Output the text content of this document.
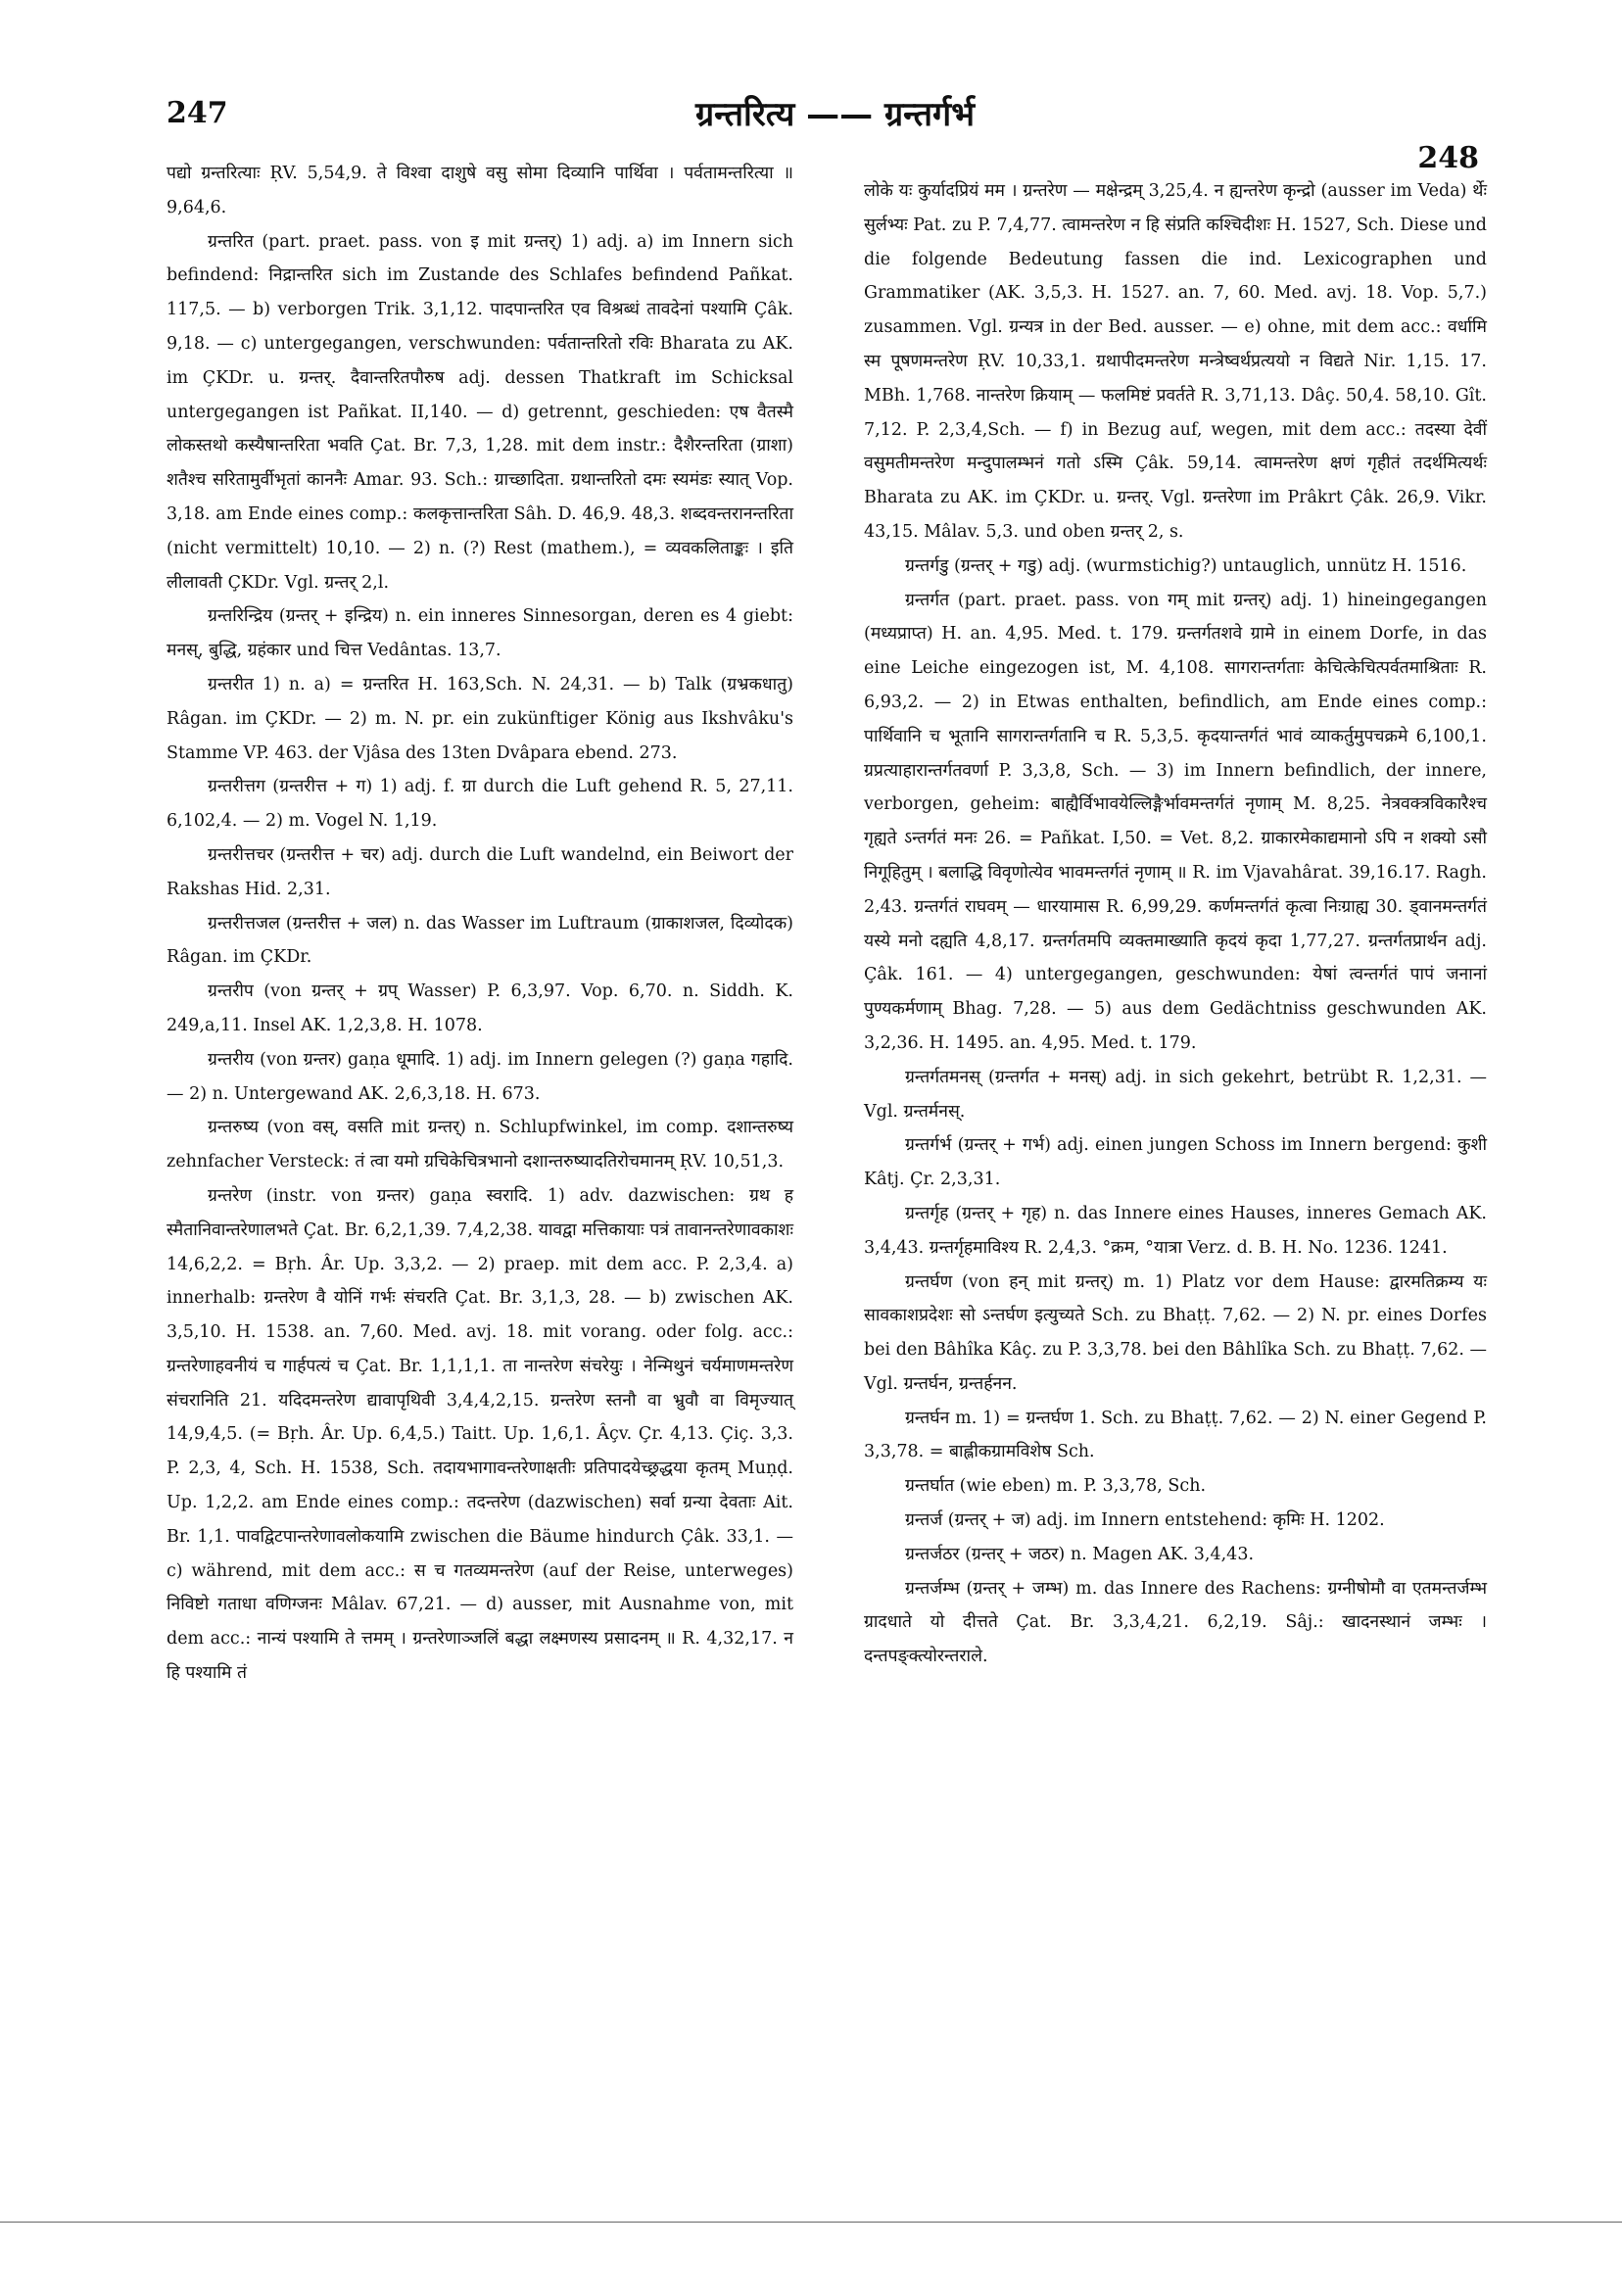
247	ग्रन्तरित्य —— ग्रन्तर्गर्भ
248

पद्यो ग्रन्तरित्याः ṚV. 5,54,9. ते विश्वा दाशुषे वसु सोमा दिव्यानि पार्थिवा । पर्वतामन्तरित्या ॥ 9,64,6.

ग्रन्तरित (part. praet. pass. von इ mit ग्रन्तर्) 1) adj. a) im Innern sich befindend: निद्रान्तरित sich im Zustande des Schlafes befindend Pañkat. 117,5. — b) verborgen Trik. 3,1,12. पादपान्तरित एव विश्रब्धं तावदेनां पश्यामि Çâk. 9,18. — c) untergegangen, verschwunden: पर्वतान्तरितो रविः Bharata zu AK. im ÇKDr. u. ग्रन्तर्. दैवान्तरितपौरुष adj. dessen Thatkraft im Schicksal untergegangen ist Pañkat. II,140. — d) getrennt, geschieden: एष वैतस्मै लोकस्तथो कस्यैषान्तरिता भवति Çat. Br. 7,3, 1,28. mit dem instr.: दैशैरन्तरिता (ग्राशा) शतैश्च सरितामुर्वीभृतां काननैः Amar. 93. Sch.: ग्राच्छादिता. ग्रथान्तरितो दमः स्यमंडः स्यात् Vop. 3,18. am Ende eines comp.: कलकृत्तान्तरिता Sâh. D. 46,9. 48,3. शब्दवन्तरानन्तरिता (nicht vermittelt) 10,10. — 2) n. (?) Rest (mathem.), = व्यवकलिताङ्कः । इति लीलावती ÇKDr. Vgl. ग्रन्तर् 2,l.

ग्रन्तरिन्द्रिय (ग्रन्तर् + इन्द्रिय) n. ein inneres Sinnesorgan, deren es 4 giebt: मनस्, बुद्धि, ग्रहंकार und चित्त Vedântas. 13,7.

ग्रन्तरीत 1) n. a) = ग्रन्तरित H. 163,Sch. N. 24,31. — b) Talk (ग्रभ्रकधातु) Râgan. im ÇKDr. — 2) m. N. pr. ein zukünftiger König aus Ikshvâku's Stamme VP. 463. der Vjâsa des 13ten Dvâpara ebend. 273.

ग्रन्तरीत्तग (ग्रन्तरीत्त + ग) 1) adj. f. ग्रा durch die Luft gehend R. 5, 27,11. 6,102,4. — 2) m. Vogel N. 1,19.

ग्रन्तरीत्तचर (ग्रन्तरीत्त + चर) adj. durch die Luft wandelnd, ein Beiwort der Rakshas Hid. 2,31.

ग्रन्तरीत्तजल (ग्रन्तरीत्त + जल) n. das Wasser im Luftraum (ग्राकाशजल, दिव्योदक) Râgan. im ÇKDr.

ग्रन्तरीप (von ग्रन्तर् + ग्रप् Wasser) P. 6,3,97. Vop. 6,70. n. Siddh. K. 249,a,11. Insel AK. 1,2,3,8. H. 1078.

ग्रन्तरीय (von ग्रन्तर) gaṇa धूमादि. 1) adj. im Innern gelegen (?) gaṇa गहादि. — 2) n. Untergewand AK. 2,6,3,18. H. 673.

ग्रन्तरुष्य (von वस्, वसति mit ग्रन्तर्) n. Schlupfwinkel, im comp. दशान्तरुष्य zehnfacher Versteck: तं त्वा यमो ग्रचिकेचित्रभानो दशान्तरुष्यादतिरोचमानम् ṚV. 10,51,3.

ग्रन्तरेण (instr. von ग्रन्तर) gaṇa स्वरादि. 1) adv. dazwischen: ग्रथ ह स्मैतानिवान्तरेणालभते Çat. Br. 6,2,1,39. 7,4,2,38. यावद्वा मत्तिकायाः पत्रं तावानन्तरेणावकाशः 14,6,2,2. = Bṛh. Âr. Up. 3,3,2. — 2) praep. mit dem acc. P. 2,3,4. a) innerhalb: ग्रन्तरेण वै योनिं गर्भः संचरति Çat. Br. 3,1,3, 28. — b) zwischen AK. 3,5,10. H. 1538. an. 7,60. Med. avj. 18. mit vorang. oder folg. acc.: ग्रन्तरेणाहवनीयं च गार्हपत्यं च Çat. Br. 1,1,1,1. ता नान्तरेण संचरेयुः । नेन्मिथुनं चर्यमाणमन्तरेण संचरानिति 21. यदिदमन्तरेण द्यावापृथिवी 3,4,4,2,15. ग्रन्तरेण स्तनौ वा भ्रुवौ वा विमृज्यात् 14,9,4,5. (= Bṛh. Âr. Up. 6,4,5.) Taitt. Up. 1,6,1. Âçv. Çr. 4,13. Çiç. 3,3. P. 2,3, 4, Sch. H. 1538, Sch. तदायभागावन्तरेणाक्षतीः प्रतिपादयेच्छ्रद्धया कृतम् Muṇḍ. Up. 1,2,2. am Ende eines comp.: तदन्तरेण (dazwischen) सर्वा ग्रन्या देवताः Ait. Br. 1,1. पावद्विटपान्तरेणावलोकयामि zwischen die Bäume hindurch Çâk. 33,1. — c) während, mit dem acc.: स च गतव्यमन्तरेण (auf der Reise, unterweges) निविष्टो गताधा वणिग्जनः Mâlav. 67,21. — d) ausser, mit Ausnahme von, mit dem acc.: नान्यं पश्यामि ते त्तमम् । ग्रन्तरेणाञ्जलिं बद्धा लक्ष्मणस्य प्रसादनम् ॥ R. 4,32,17. न हि पश्यामि तं

लोके यः कुर्यादप्रियं मम । ग्रन्तरेण — मक्षेन्द्रम् 3,25,4. न ह्यन्तरेण कृन्द्रो (ausser im Veda) र्थेः सुर्लभ्यः Pat. zu P. 7,4,77. त्वामन्तरेण न हि संप्रति कश्चिदीशः H. 1527, Sch. Diese und die folgende Bedeutung fassen die ind. Lexicographen und Grammatiker (AK. 3,5,3. H. 1527. an. 7, 60. Med. avj. 18. Vop. 5,7.) zusammen. Vgl. ग्रन्यत्र in der Bed. ausser. — e) ohne, mit dem acc.: वर्धामि स्म पूषणमन्तरेण ṚV. 10,33,1. ग्रथापीदमन्तरेण मन्त्रेष्वर्थप्रत्ययो न विद्यते Nir. 1,15. 17. MBh. 1,768. नान्तरेण क्रियाम् — फलमिष्टं प्रवर्तते R. 3,71,13. Dâç. 50,4. 58,10. Gît. 7,12. P. 2,3,4,Sch. — f) in Bezug auf, wegen, mit dem acc.: तदस्या देवीं वसुमतीमन्तरेण मन्दुपालम्भनं गतो ऽस्मि Çâk. 59,14. त्वामन्तरेण क्षणं गृहीतं तदर्थमित्यर्थः Bharata zu AK. im ÇKDr. u. ग्रन्तर्. Vgl. ग्रन्तरेणा im Prâkrt Çâk. 26,9. Vikr. 43,15. Mâlav. 5,3. und oben ग्रन्तर् 2, s.

ग्रन्तर्गडु (ग्रन्तर् + गडु) adj. (wurmstichig?) untauglich, unnütz H. 1516.

ग्रन्तर्गत (part. praet. pass. von गम् mit ग्रन्तर्) adj. 1) hineingegangen (मध्यप्राप्त) H. an. 4,95. Med. t. 179. ग्रन्तर्गतशवे ग्रामे in einem Dorfe, in das eine Leiche eingezogen ist, M. 4,108. सागरान्तर्गताः केचित्केचित्पर्वतमाश्रिताः R. 6,93,2. — 2) in Etwas enthalten, befindlich, am Ende eines comp.: पार्थिवानि च भूतानि सागरान्तर्गतानि च R. 5,3,5. कृदयान्तर्गतं भावं व्याकर्तुमुपचक्रमे 6,100,1. ग्रप्रत्याहारान्तर्गतवर्णा P. 3,3,8, Sch. — 3) im Innern befindlich, der innere, verborgen, geheim: बाह्यैर्विभावयेल्लिङ्गैर्भावमन्तर्गतं नृणाम् M. 8,25. नेत्रवक्त्रविकारैश्च गृह्यते ऽन्तर्गतं मनः 26. = Pañkat. I,50. = Vet. 8,2. ग्राकारमेकाद्यमानो ऽपि न शक्यो ऽसौ निगूहितुम् । बलाद्धि विवृणोत्येव भावमन्तर्गतं नृणाम् ॥ R. im Vjavahârat. 39,16.17. Ragh. 2,43. ग्रन्तर्गतं राघवम् — धारयामास R. 6,99,29. कर्णमन्तर्गतं कृत्वा निःग्राह्य 30. ड्वानमन्तर्गतं यस्ये मनो दह्यति 4,8,17. ग्रन्तर्गतमपि व्यक्तमाख्याति कृदयं कृदा 1,77,27. ग्रन्तर्गतप्रार्थन adj. Çâk. 161. — 4) untergegangen, geschwunden: येषां त्वन्तर्गतं पापं जनानां पुण्यकर्मणाम् Bhag. 7,28. — 5) aus dem Gedächtniss geschwunden AK. 3,2,36. H. 1495. an. 4,95. Med. t. 179.

ग्रन्तर्गतमनस् (ग्रन्तर्गत + मनस्) adj. in sich gekehrt, betrübt R. 1,2,31. — Vgl. ग्रन्तर्मनस्.

ग्रन्तर्गर्भ (ग्रन्तर् + गर्भ) adj. einen jungen Schoss im Innern bergend: कुशी Kâtj. Çr. 2,3,31.

ग्रन्तर्गृह (ग्रन्तर् + गृह) n. das Innere eines Hauses, inneres Gemach AK. 3,4,43. ग्रन्तर्गृहमाविश्य R. 2,4,3. °क्रम, °यात्रा Verz. d. B. H. No. 1236. 1241.

ग्रन्तर्घण (von हन् mit ग्रन्तर्) m. 1) Platz vor dem Hause: द्वारमतिक्रम्य यः सावकाशप्रदेशः सो ऽन्तर्घण इत्युच्यते Sch. zu Bhaṭṭ. 7,62. — 2) N. pr. eines Dorfes bei den Bâhîka Kâç. zu P. 3,3,78. bei den Bâhlîka Sch. zu Bhaṭṭ. 7,62. — Vgl. ग्रन्तर्घन, ग्रन्तर्हनन.

ग्रन्तर्घन m. 1) = ग्रन्तर्घण 1. Sch. zu Bhaṭṭ. 7,62. — 2) N. einer Gegend P. 3,3,78. = बाह्लीकग्रामविशेष Sch.

ग्रन्तर्घात (wie eben) m. P. 3,3,78, Sch.

ग्रन्तर्ज (ग्रन्तर् + ज) adj. im Innern entstehend: कृमिः H. 1202.

ग्रन्तर्जठर (ग्रन्तर् + जठर) n. Magen AK. 3,4,43.

ग्रन्तर्जम्भ (ग्रन्तर् + जम्भ) m. das Innere des Rachens: ग्रग्नीषोमौ वा एतमन्तर्जम्भ ग्रादधाते यो दीत्तते Çat. Br. 3,3,4,21. 6,2,19. Sâj.: खादनस्थानं जम्भः । दन्तपङ्क्त्योरन्तराले.
